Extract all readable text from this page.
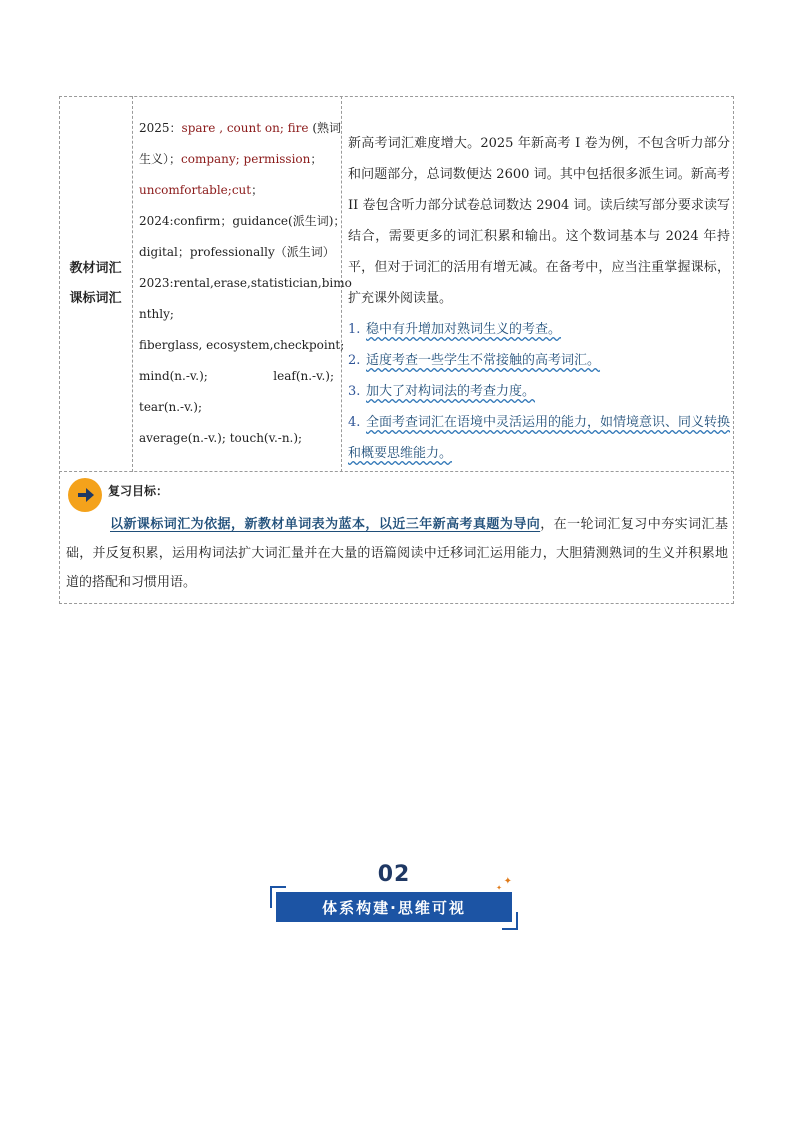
教材词汇
课标词汇
2025：spare , count on; fire (熟词
生义）；company; permission；
uncomfortable;cut；
2024:confirm；guidance(派生词)；
digital；professionally（派生词）
2023:rental,erase,statistician,bimo
nthly;
fiberglass, ecosystem,checkpoint;
mind(n.-v.);	leaf(n.-v.);
tear(n.-v.);
average(n.-v.); touch(v.-n.);
新高考词汇难度增大。2025 年新高考 I 卷为例，不包含听力部分和问题部分，总词数便达 2600 词。其中包括很多派生词。新高考 II 卷包含听力部分试卷总词数达 2904 词。读后续写部分要求读写结合，需要更多的词汇积累和输出。这个数词基本与 2024 年持平，但对于词汇的活用有增无减。在备考中，应当注重掌握课标，扩充课外阅读量。
1. 稳中有升增加对熟词生义的考查。
2. 适度考查一些学生不常接触的高考词汇。
3. 加大了对构词法的考查力度。
4. 全面考查词汇在语境中灵活运用的能力，如情境意识、同义转换和概要思维能力。
复习目标：
以新课标词汇为依据，新教材单词表为蓝本，以近三年新高考真题为导向，在一轮词汇复习中夯实词汇基础，并反复积累，运用构词法扩大词汇量并在大量的语篇阅读中迁移词汇运用能力，大胆猜测熟词的生义并积累地道的搭配和习惯用语。
02	✦
✦
体系构建·思维可视
